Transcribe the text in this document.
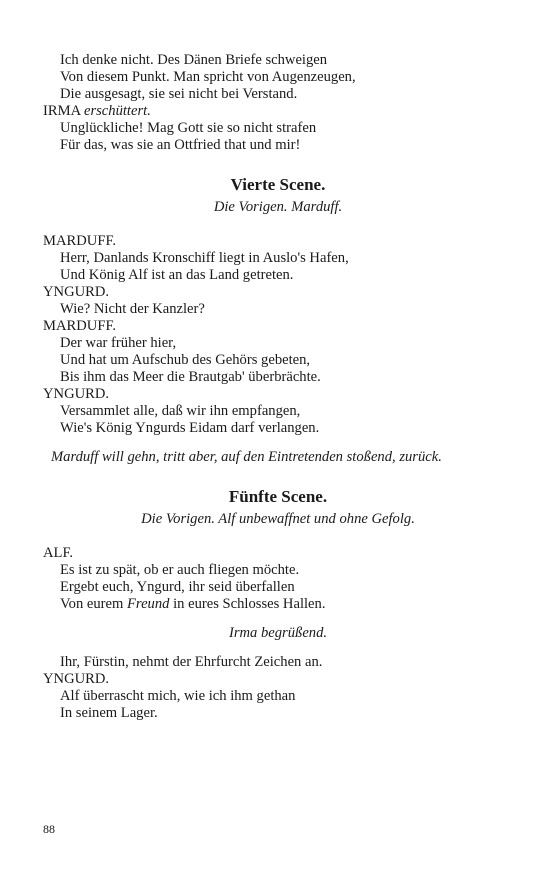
Ich denke nicht. Des Dänen Briefe schweigen
Von diesem Punkt. Man spricht von Augenzeugen,
Die ausgesagt, sie sei nicht bei Verstand.
IRMA erschüttert.
Unglückliche! Mag Gott sie so nicht strafen
Für das, was sie an Ottfried that und mir!
Vierte Scene.
Die Vorigen. Marduff.
MARDUFF.
Herr, Danlands Kronschiff liegt in Auslo's Hafen,
Und König Alf ist an das Land getreten.
YNGURD.
Wie? Nicht der Kanzler?
MARDUFF.
Der war früher hier,
Und hat um Aufschub des Gehörs gebeten,
Bis ihm das Meer die Brautgab' überbrächte.
YNGURD.
Versammlet alle, daß wir ihn empfangen,
Wie's König Yngurds Eidam darf verlangen.
Marduff will gehn, tritt aber, auf den Eintretenden stoßend, zurück.
Fünfte Scene.
Die Vorigen. Alf unbewaffnet und ohne Gefolg.
ALF.
Es ist zu spät, ob er auch fliegen möchte.
Ergebt euch, Yngurd, ihr seid überfallen
Von eurem Freund in eures Schlosses Hallen.
Irma begrüßend.
Ihr, Fürstin, nehmt der Ehrfurcht Zeichen an.
YNGURD.
Alf überrascht mich, wie ich ihm gethan
In seinem Lager.
88
